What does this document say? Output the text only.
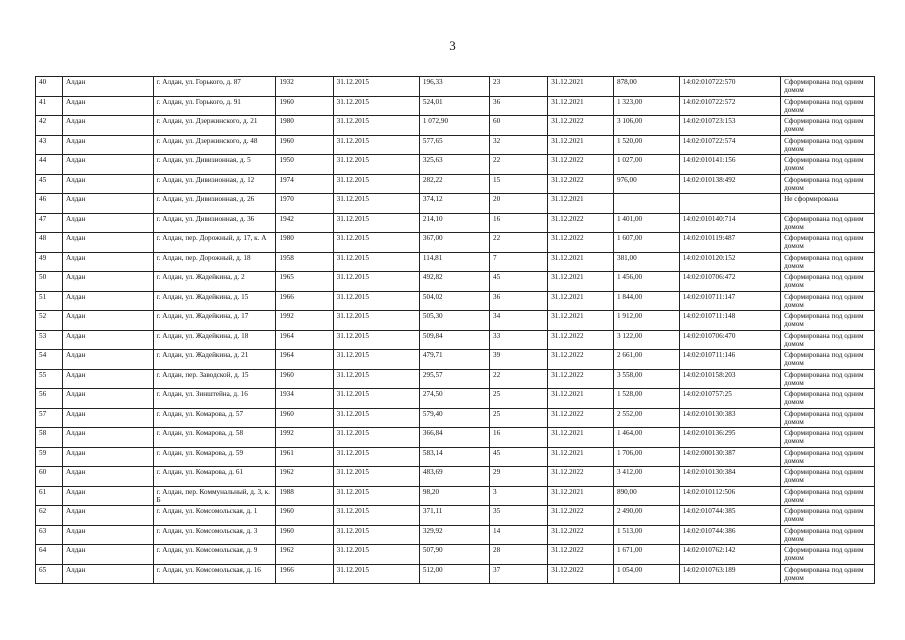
3
40	Алдан	г. Алдан, ул. Горького, д. 87	1932	31.12.2015	196,33	23	31.12.2021	878,00	14:02:010722:570	Сформирована под одним домом
41	Алдан	г. Алдан, ул. Горького, д. 91	1960	31.12.2015	524,01	36	31.12.2021	1 323,00	14:02:010722:572	Сформирована под одним домом
42	Алдан	г. Алдан, ул. Дзержинского, д. 21	1980	31.12.2015	1 072,90	60	31.12.2022	3 106,00	14:02:010723:153	Сформирована под одним домом
43	Алдан	г. Алдан, ул. Дзержинского, д. 48	1960	31.12.2015	577,65	32	31.12.2021	1 520,00	14:02:010722:574	Сформирована под одним домом
44	Алдан	г. Алдан, ул. Дивизионная, д. 5	1950	31.12.2015	325,63	22	31.12.2022	1 027,00	14:02:010141:156	Сформирована под одним домом
45	Алдан	г. Алдан, ул. Дивизионная, д. 12	1974	31.12.2015	282,22	15	31.12.2022	976,00	14:02:010138:492	Сформирована под одним домом
46	Алдан	г. Алдан, ул. Дивизионная, д. 26	1970	31.12.2015	374,12	20	31.12.2021			Не сформирована
47	Алдан	г. Алдан, ул. Дивизионная, д. 36	1942	31.12.2015	214,10	16	31.12.2022	1 401,00	14:02:010140:714	Сформирована под одним домом
48	Алдан	г. Алдан, пер. Дорожный, д. 17, к. А	1980	31.12.2015	367,00	22	31.12.2022	1 607,00	14:02:010119:487	Сформирована под одним домом
49	Алдан	г. Алдан, пер. Дорожный, д. 18	1958	31.12.2015	114,81	7	31.12.2021	381,00	14:02:010120:152	Сформирована под одним домом
50	Алдан	г. Алдан, ул. Жадейкина, д. 2	1965	31.12.2015	492,82	45	31.12.2021	1 456,00	14:02:010706:472	Сформирована под одним домом
51	Алдан	г. Алдан, ул. Жадейкина, д. 15	1966	31.12.2015	504,02	36	31.12.2021	1 844,00	14:02:010711:147	Сформирована под одним домом
52	Алдан	г. Алдан, ул. Жадейкина, д. 17	1992	31.12.2015	505,30	34	31.12.2021	1 912,00	14:02:010711:148	Сформирована под одним домом
53	Алдан	г. Алдан, ул. Жадейкина, д. 18	1964	31.12.2015	509,84	33	31.12.2022	3 122,00	14:02:010706:470	Сформирована под одним домом
54	Алдан	г. Алдан, ул. Жадейкина, д. 21	1964	31.12.2015	479,71	39	31.12.2022	2 661,00	14:02:010711:146	Сформирована под одним домом
55	Алдан	г. Алдан, пер. Заводской, д. 15	1960	31.12.2015	295,57	22	31.12.2022	3 558,00	14:02:010158:203	Сформирована под одним домом
56	Алдан	г. Алдан, ул. Зинштейна, д. 16	1934	31.12.2015	274,50	25	31.12.2021	1 528,00	14:02:010757:25	Сформирована под одним домом
57	Алдан	г. Алдан, ул. Комарова, д. 57	1960	31.12.2015	579,40	25	31.12.2022	2 552,00	14:02:010130:383	Сформирована под одним домом
58	Алдан	г. Алдан, ул. Комарова, д. 58	1992	31.12.2015	366,84	16	31.12.2021	1 464,00	14:02:010136:295	Сформирована под одним домом
59	Алдан	г. Алдан, ул. Комарова, д. 59	1961	31.12.2015	583,14	45	31.12.2021	1 706,00	14:02:000130:387	Сформирована под одним домом
60	Алдан	г. Алдан, ул. Комарова, д. 61	1962	31.12.2015	483,69	29	31.12.2022	3 412,00	14:02:010130:384	Сформирована под одним домом
61	Алдан	г. Алдан, пер. Коммунальный, д. 3, к. Б	1988	31.12.2015	98,20	3	31.12.2021	890,00	14:02:010112:506	Сформирована под одним домом
62	Алдан	г. Алдан, ул. Комсомольская, д. 1	1960	31.12.2015	371,11	35	31.12.2022	2 490,00	14:02:010744:385	Сформирована под одним домом
63	Алдан	г. Алдан, ул. Комсомольская, д. 3	1960	31.12.2015	329,92	14	31.12.2022	1 513,00	14:02:010744:386	Сформирована под одним домом
64	Алдан	г. Алдан, ул. Комсомольская, д. 9	1962	31.12.2015	507,90	28	31.12.2022	1 671,00	14:02:010762:142	Сформирована под одним домом
65	Алдан	г. Алдан, ул. Комсомольская, д. 16	1966	31.12.2015	512,00	37	31.12.2022	1 054,00	14:02:010763:189	Сформирована под одним домом
